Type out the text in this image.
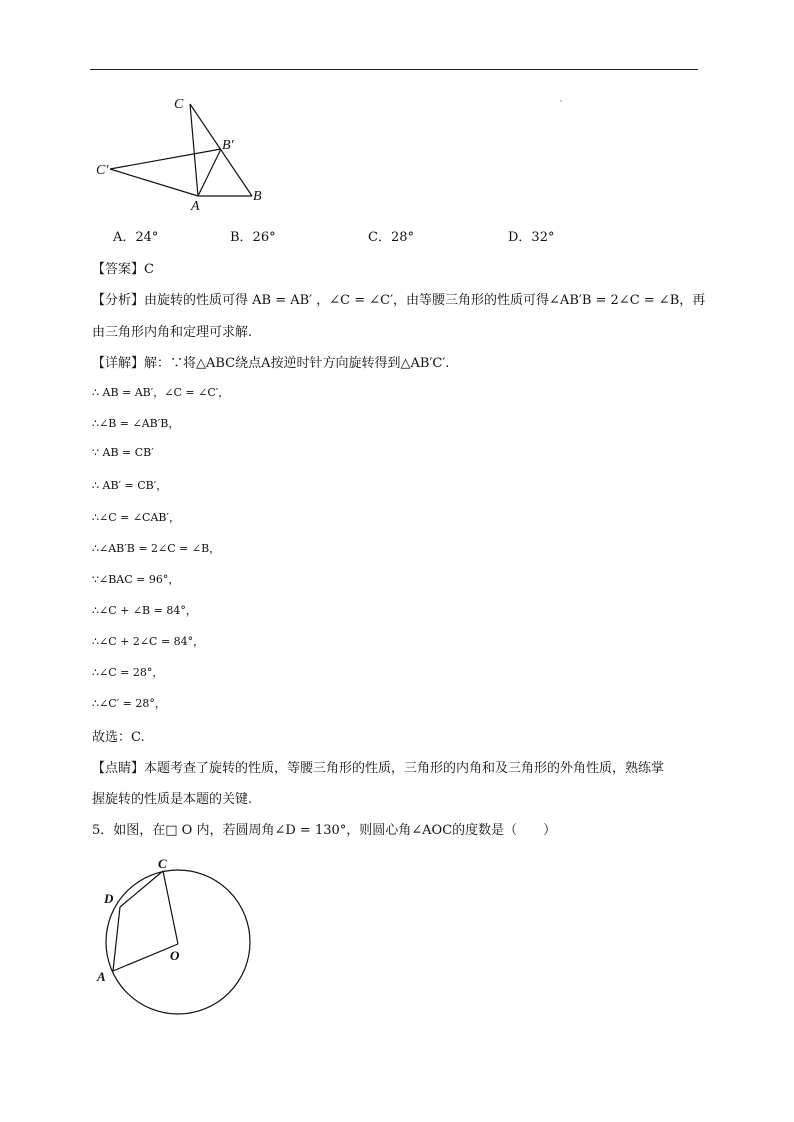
C
B′
C′
A
B
A．24°	B．26°	C．28°	D．32°
【答案】C
【分析】由旋转的性质可得 AB = AB′ ，∠C = ∠C′，由等腰三角形的性质可得∠AB′B = 2∠C = ∠B，再
由三角形内角和定理可求解.
【详解】解：∵将△ABC绕点A按逆时针方向旋转得到△AB′C′.
∴ AB = AB′，∠C = ∠C′，
∴∠B = ∠AB′B，
∵ AB = CB′
∴ AB′ = CB′，
∴∠C = ∠CAB′，
∴∠AB′B = 2∠C = ∠B，
∵∠BAC = 96°，
∴∠C + ∠B = 84°，
∴∠C + 2∠C = 84°，
∴∠C = 28°，
∴∠C′ = 28°，
故选：C.
【点睛】本题考查了旋转的性质，等腰三角形的性质，三角形的内角和及三角形的外角性质，熟练掌
握旋转的性质是本题的关键.
5．如图，在□ O 内，若圆周角∠D = 130°，则圆心角∠AOC的度数是（　　）
C
D
A
O
